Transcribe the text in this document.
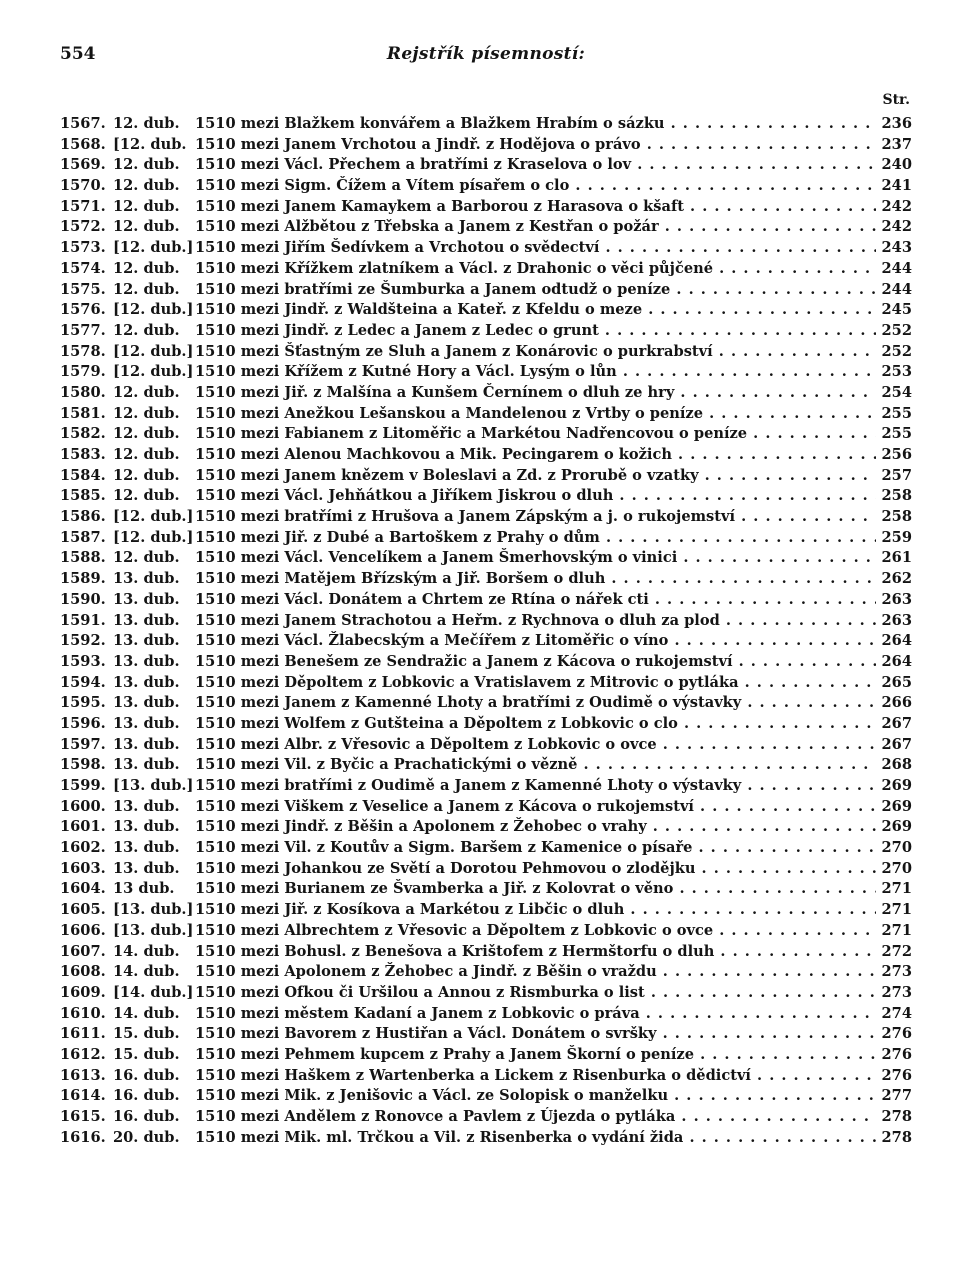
554	Rejstřík písemností:
Str.
1567. 12. dub.	1510 mezi Blažkem konvářem a Blažkem Hrabím o sázku . . .	236
1568. [12. dub. 1510 mezi Janem Vrchotou a Jindř. z Hodějova o právo . . .	237
1569. 12. dub.	1510 mezi Václ. Přechem a bratřími z Kraselova o lov . . .	240
1570. 12. dub.	1510 mezi Sigm. Čížem a Vítem písařem o clo . . .	241
1571. 12. dub.	1510 mezi Janem Kamaykem a Barborou z Harasova o kšaft . . .	242
1572. 12. dub.	1510 mezi Alžbětou z Třebska a Janem z Kestřan o požár . . .	242
1573. [12. dub.] 1510 mezi Jiřím Šedívkem a Vrchotou o svědectví . . .	243
1574. 12. dub.	1510 mezi Křížkem zlatníkem a Václ. z Drahonic o věci půjčené . . .	244
1575. 12. dub.	1510 mezi bratřími ze Šumburka a Janem odtudž o peníze . . .	244
1576. [12. dub.] 1510 mezi Jindř. z Waldšteina a Kateř. z Kfeldu o meze . . .	245
1577. 12. dub.	1510 mezi Jindř. z Ledec a Janem z Ledec o grunt . . .	252
1578. [12. dub.] 1510 mezi Šťastným ze Sluh a Janem z Konárovic o purkrabství . . .	252
1579. [12. dub.] 1510 mezi Křížem z Kutné Hory a Václ. Lysým o lůn . . .	253
1580. 12. dub.	1510 mezi Jiř. z Malšína a Kunšem Černínem o dluh ze hry . . .	254
1581. 12. dub.	1510 mezi Anežkou Lešanskou a Mandelenou z Vrtby o peníze . . .	255
1582. 12. dub.	1510 mezi Fabianem z Litoměřic a Markétou Nadřencovou o peníze . . .	255
1583. 12. dub.	1510 mezi Alenou Machkovou a Mik. Pecingarem o kožich . . .	256
1584. 12. dub.	1510 mezi Janem knězem v Boleslavi a Zd. z Prorubě o vzatky . . .	257
1585. 12. dub.	1510 mezi Václ. Jehňátkou a Jiříkem Jiskrou o dluh . . .	258
1586. [12. dub.] 1510 mezi bratřími z Hrušova a Janem Zápským a j. o rukojemství . . .	258
1587. [12. dub.] 1510 mezi Jiř. z Dubé a Bartoškem z Prahy o dům . . .	259
1588. 12. dub.	1510 mezi Václ. Vencelíkem a Janem Šmerhovským o vinici . . .	261
1589. 13. dub.	1510 mezi Matějem Břízským a Jiř. Boršem o dluh . . .	262
1590. 13. dub.	1510 mezi Václ. Donátem a Chrtem ze Rtína o nářek cti . . .	263
1591. 13. dub.	1510 mezi Janem Strachotou a Heřm. z Rychnova o dluh za plod . . .	263
1592. 13. dub.	1510 mezi Václ. Žlabecským a Mečířem z Litoměřic o víno . . .	264
1593. 13. dub.	1510 mezi Benešem ze Sendražic a Janem z Kácova o rukojemství . . .	264
1594. 13. dub.	1510 mezi Děpoltem z Lobkovic a Vratislavem z Mitrovic o pytláka . . .	265
1595. 13. dub.	1510 mezi Janem z Kamenné Lhoty a bratřími z Oudimě o výstavky . . .	266
1596. 13. dub.	1510 mezi Wolfem z Gutšteina a Děpoltem z Lobkovic o clo . . .	267
1597. 13. dub.	1510 mezi Albr. z Vřesovic a Děpoltem z Lobkovic o ovce . . .	267
1598. 13. dub.	1510 mezi Vil. z Byčic a Prachatickými o vězně . . .	268
1599. [13. dub.] 1510 mezi bratřími z Oudimě a Janem z Kamenné Lhoty o výstavky . . .	269
1600. 13. dub.	1510 mezi Viškem z Veselice a Janem z Kácova o rukojemství . . .	269
1601. 13. dub.	1510 mezi Jindř. z Běšin a Apolonem z Žehobec o vrahy . . .	269
1602. 13. dub.	1510 mezi Vil. z Koutův a Sigm. Baršem z Kamenice o písaře . . .	270
1603. 13. dub.	1510 mezi Johankou ze Světí a Dorotou Pehmovou o zlodějku . . .	270
1604. 13 dub.	1510 mezi Burianem ze Švamberka a Jiř. z Kolovrat o věno . . .	271
1605. [13. dub.] 1510 mezi Jiř. z Kosíkova a Markétou z Libčic o dluh . . .	271
1606. [13. dub.] 1510 mezi Albrechtem z Vřesovic a Děpoltem z Lobkovic o ovce . . .	271
1607. 14. dub.	1510 mezi Bohusl. z Benešova a Krištofem z Hermštorfu o dluh . . .	272
1608. 14. dub.	1510 mezi Apolonem z Žehobec a Jindř. z Běšin o vraždu . . .	273
1609. [14. dub.] 1510 mezi Ofkou či Uršilou a Annou z Rismburka o list . . .	273
1610. 14. dub.	1510 mezi městem Kadaní a Janem z Lobkovic o práva . . .	274
1611. 15. dub.	1510 mezi Bavorem z Hustiřan a Václ. Donátem o svršky . . .	276
1612. 15. dub.	1510 mezi Pehmem kupcem z Prahy a Janem Škorní o peníze . . .	276
1613. 16. dub.	1510 mezi Haškem z Wartenberka a Lickem z Risenburka o dědictví . . .	276
1614. 16. dub.	1510 mezi Mik. z Jenišovic a Václ. ze Solopisk o manželku . . .	277
1615. 16. dub.	1510 mezi Andělem z Ronovce a Pavlem z Újezda o pytláka . . .	278
1616. 20. dub.	1510 mezi Mik. ml. Trčkou a Vil. z Risenberka o vydání žida . . .	278
